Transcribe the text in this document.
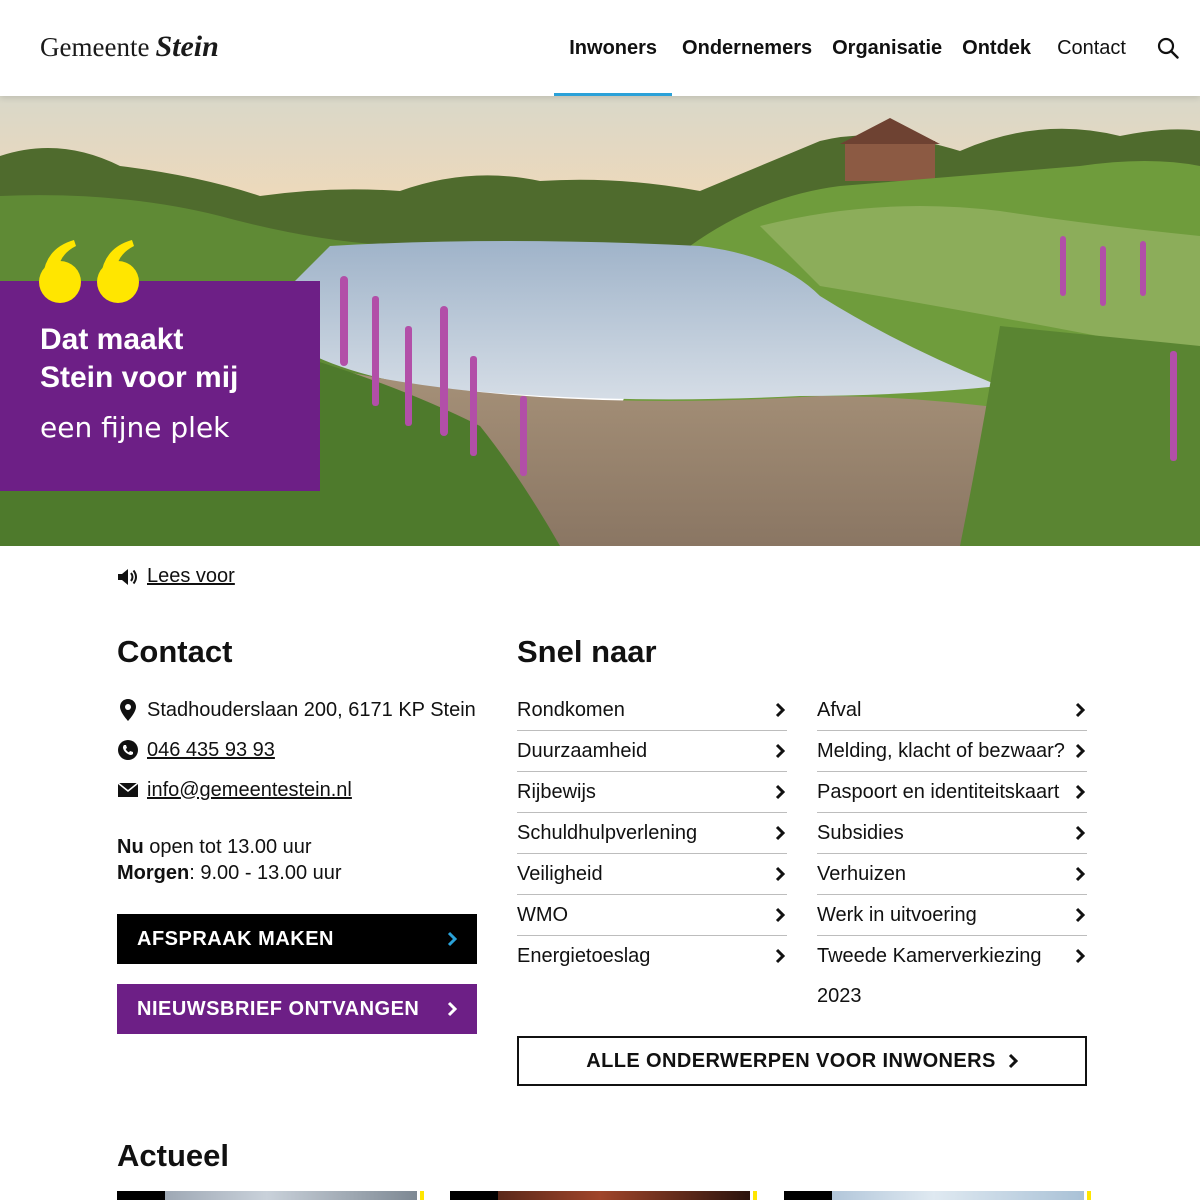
Gemeente Stein	Inwoners	Ondernemers	Organisatie	Ontdek	Contact
Dat maakt
Stein voor mij
een fijne plek
Lees voor
Contact
Stadhouderslaan 200, 6171 KP Stein
046 435 93 93
info@gemeentestein.nl
Nu open tot 13.00 uur
Morgen: 9.00 - 13.00 uur
AFSPRAAK MAKEN
NIEUWSBRIEF ONTVANGEN
Snel naar
Rondkomen
Duurzaamheid
Rijbewijs
Schuldhulpverlening
Veiligheid
WMO
Energietoeslag
Afval
Melding, klacht of bezwaar?
Paspoort en identiteitskaart
Subsidies
Verhuizen
Werk in uitvoering
Tweede Kamerverkiezing 2023
ALLE ONDERWERPEN VOOR INWONERS
Actueel
